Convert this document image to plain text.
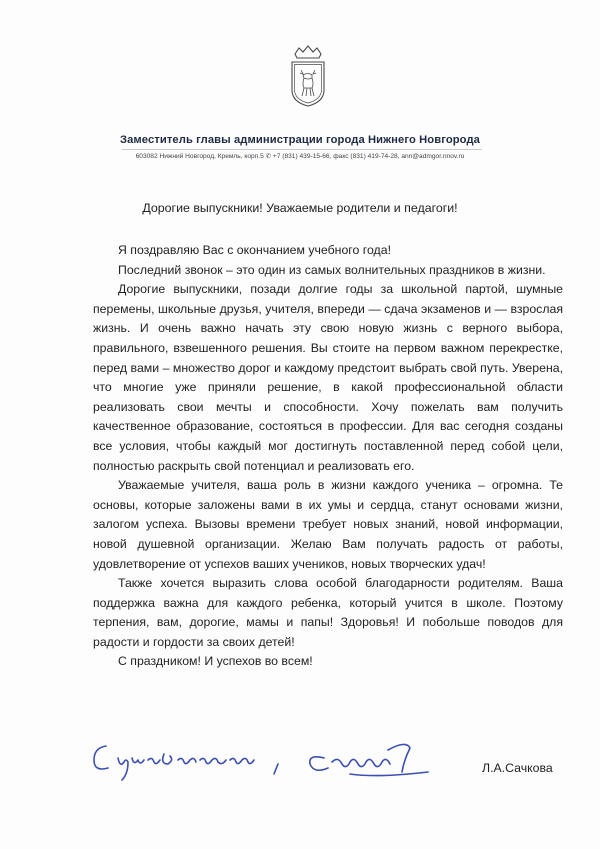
Заместитель главы администрации города Нижнего Новгорода
603082 Нижний Новгород, Кремль, корп.5 ✆ +7 (831) 439-15-66, факс (831) 419-74-28, ann@admgor.nnov.ru
Дорогие выпускники! Уважаемые родители и педагоги!

Я поздравляю Вас с окончанием учебного года!

Последний звонок – это один из самых волнительных праздников в жизни.

Дорогие выпускники, позади долгие годы за школьной партой, шумные перемены, школьные друзья, учителя, впереди — сдача экзаменов и — взрослая жизнь. И очень важно начать эту свою новую жизнь с верного выбора, правильного, взвешенного решения. Вы стоите на первом важном перекрестке, перед вами – множество дорог и каждому предстоит выбрать свой путь. Уверена, что многие уже приняли решение, в какой профессиональной области реализовать свои мечты и способности. Хочу пожелать вам получить качественное образование, состояться в профессии. Для вас сегодня созданы все условия, чтобы каждый мог достигнуть поставленной перед собой цели, полностью раскрыть свой потенциал и реализовать его.

Уважаемые учителя, ваша роль в жизни каждого ученика – огромна. Те основы, которые заложены вами в их умы и сердца, станут основами жизни, залогом успеха. Вызовы времени требует новых знаний, новой информации, новой душевной организации. Желаю Вам получать радость от работы, удовлетворение от успехов ваших учеников, новых творческих удач!

Также хочется выразить слова особой благодарности родителям. Ваша поддержка важна для каждого ребенка, который учится в школе. Поэтому терпения, вам, дорогие, мамы и папы! Здоровья! И побольше поводов для радости и гордости за своих детей!

С праздником! И успехов во всем!

Л.А.Сачкова
